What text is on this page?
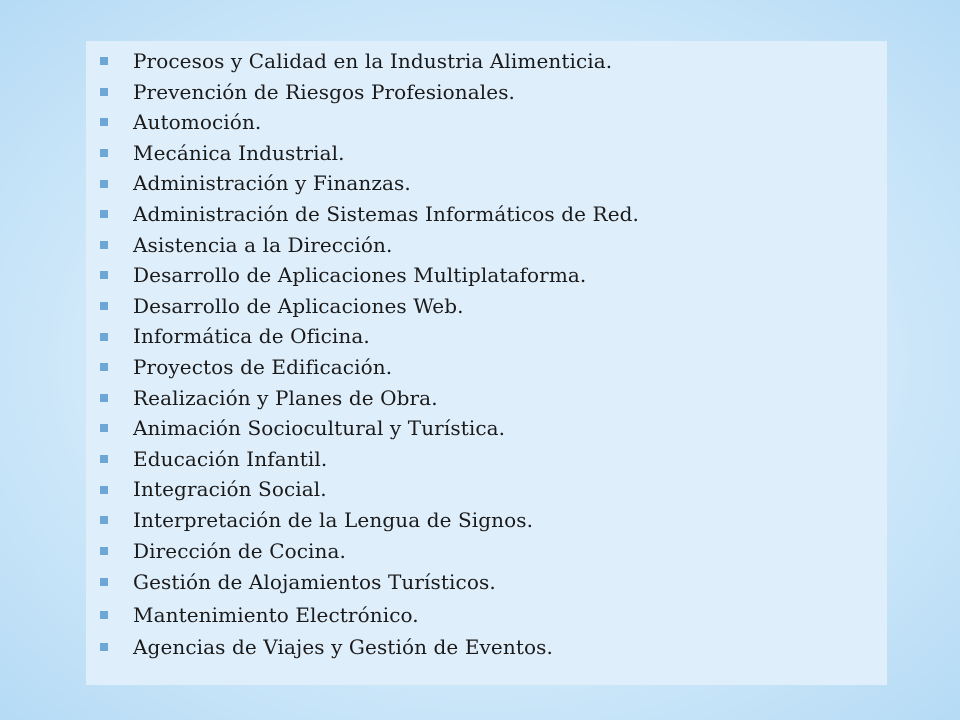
Procesos y Calidad en la Industria Alimenticia.
Prevención de Riesgos Profesionales.
Automoción.
Mecánica Industrial.
Administración y Finanzas.
Administración de Sistemas Informáticos de Red.
Asistencia a la Dirección.
Desarrollo de Aplicaciones Multiplataforma.
Desarrollo de Aplicaciones Web.
Informática de Oficina.
Proyectos de Edificación.
Realización y Planes de Obra.
Animación Sociocultural y Turística.
Educación Infantil.
Integración Social.
Interpretación de la Lengua de Signos.
Dirección de Cocina.
Gestión de Alojamientos Turísticos.
Mantenimiento Electrónico.
Agencias de Viajes y Gestión de Eventos.
